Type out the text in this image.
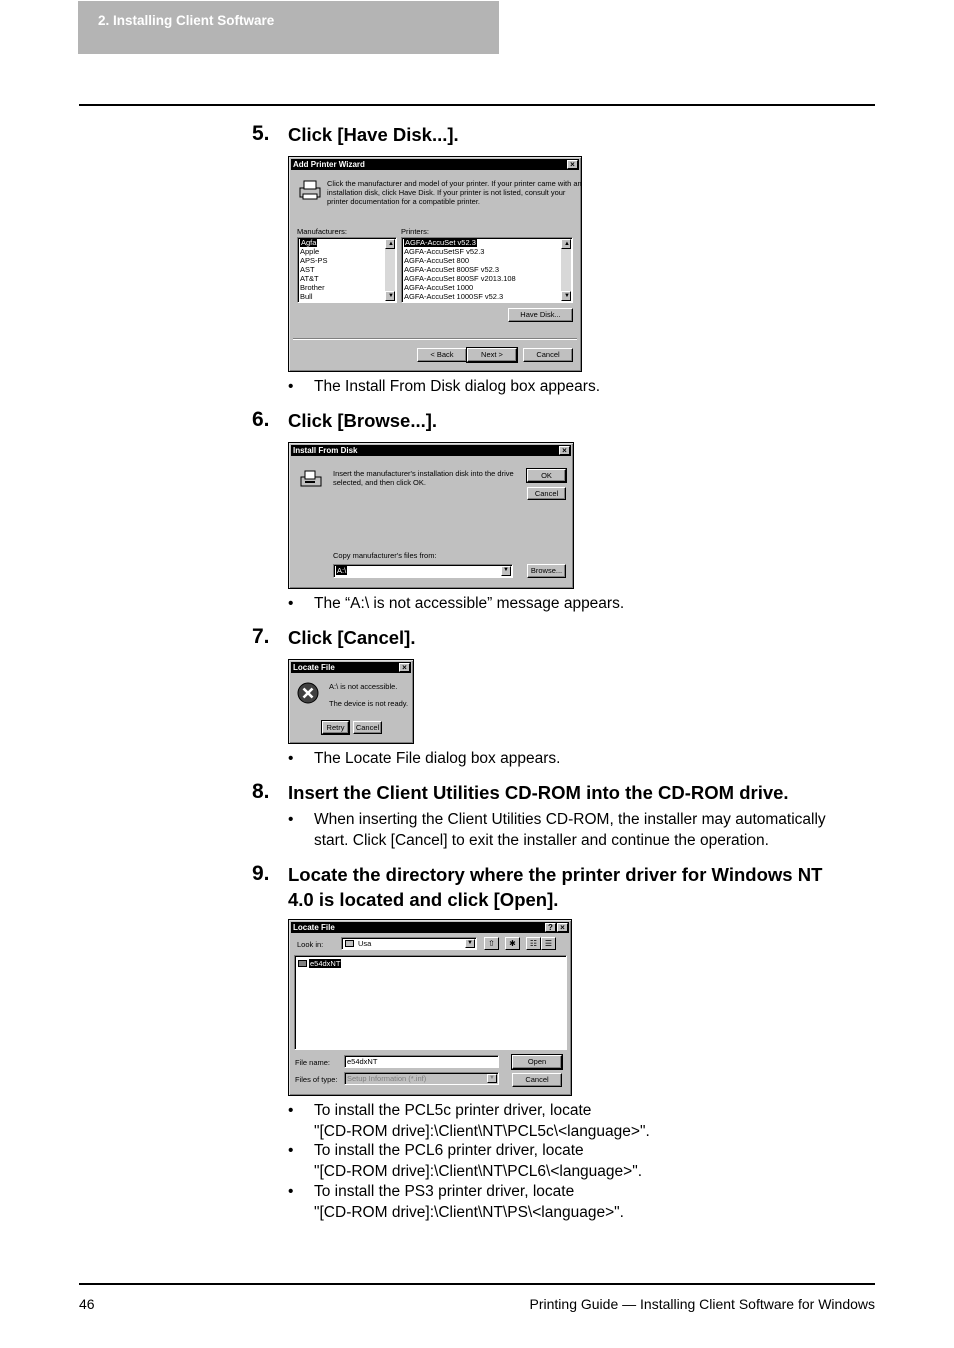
2. Installing Client Software
5. Click [Have Disk...].
Add Printer Wizard	×
Click the manufacturer and model of your printer. If your printer came with an
installation disk, click Have Disk. If your printer is not listed, consult your
printer documentation for a compatible printer.
Manufacturers:	Printers:
Agfa
Apple
APS-PS
AST
AT&T
Brother
Bull
▲
▼
AGFA-AccuSet v52.3
AGFA-AccuSetSF v52.3
AGFA-AccuSet 800
AGFA-AccuSet 800SF v52.3
AGFA-AccuSet 800SF v2013.108
AGFA-AccuSet 1000
AGFA-AccuSet 1000SF v52.3
▲
▼
Have Disk...
< Back	Next >	Cancel
•	The Install From Disk dialog box appears.
6. Click [Browse...].
Install From Disk	×
Insert the manufacturer's installation disk into the drive
selected, and then click OK.
OK
Cancel
Copy manufacturer's files from:
A:\	▼	Browse...
•	The “A:\ is not accessible” message appears.
7. Click [Cancel].
Locate File	×
A:\ is not accessible.
The device is not ready.
Retry	Cancel
•	The Locate File dialog box appears.
8. Insert the Client Utilities CD-ROM into the CD-ROM drive.
•	When inserting the Client Utilities CD-ROM, the installer may automatically
start. Click [Cancel] to exit the installer and continue the operation.
9. Locate the directory where the printer driver for Windows NT
4.0 is located and click [Open].
Locate File	? ×
Look in:	Usa	▼	⇧	✱	☷ ☰
e54dxNT
File name:	e54dxNT
Files of type:	Setup Information (*.inf)	▼
Open
Cancel
•	To install the PCL5c printer driver, locate
"[CD-ROM drive]:\Client\NT\PCL5c\<language>".
•	To install the PCL6 printer driver, locate
"[CD-ROM drive]:\Client\NT\PCL6\<language>".
•	To install the PS3 printer driver, locate
"[CD-ROM drive]:\Client\NT\PS\<language>".
46	Printing Guide — Installing Client Software for Windows
